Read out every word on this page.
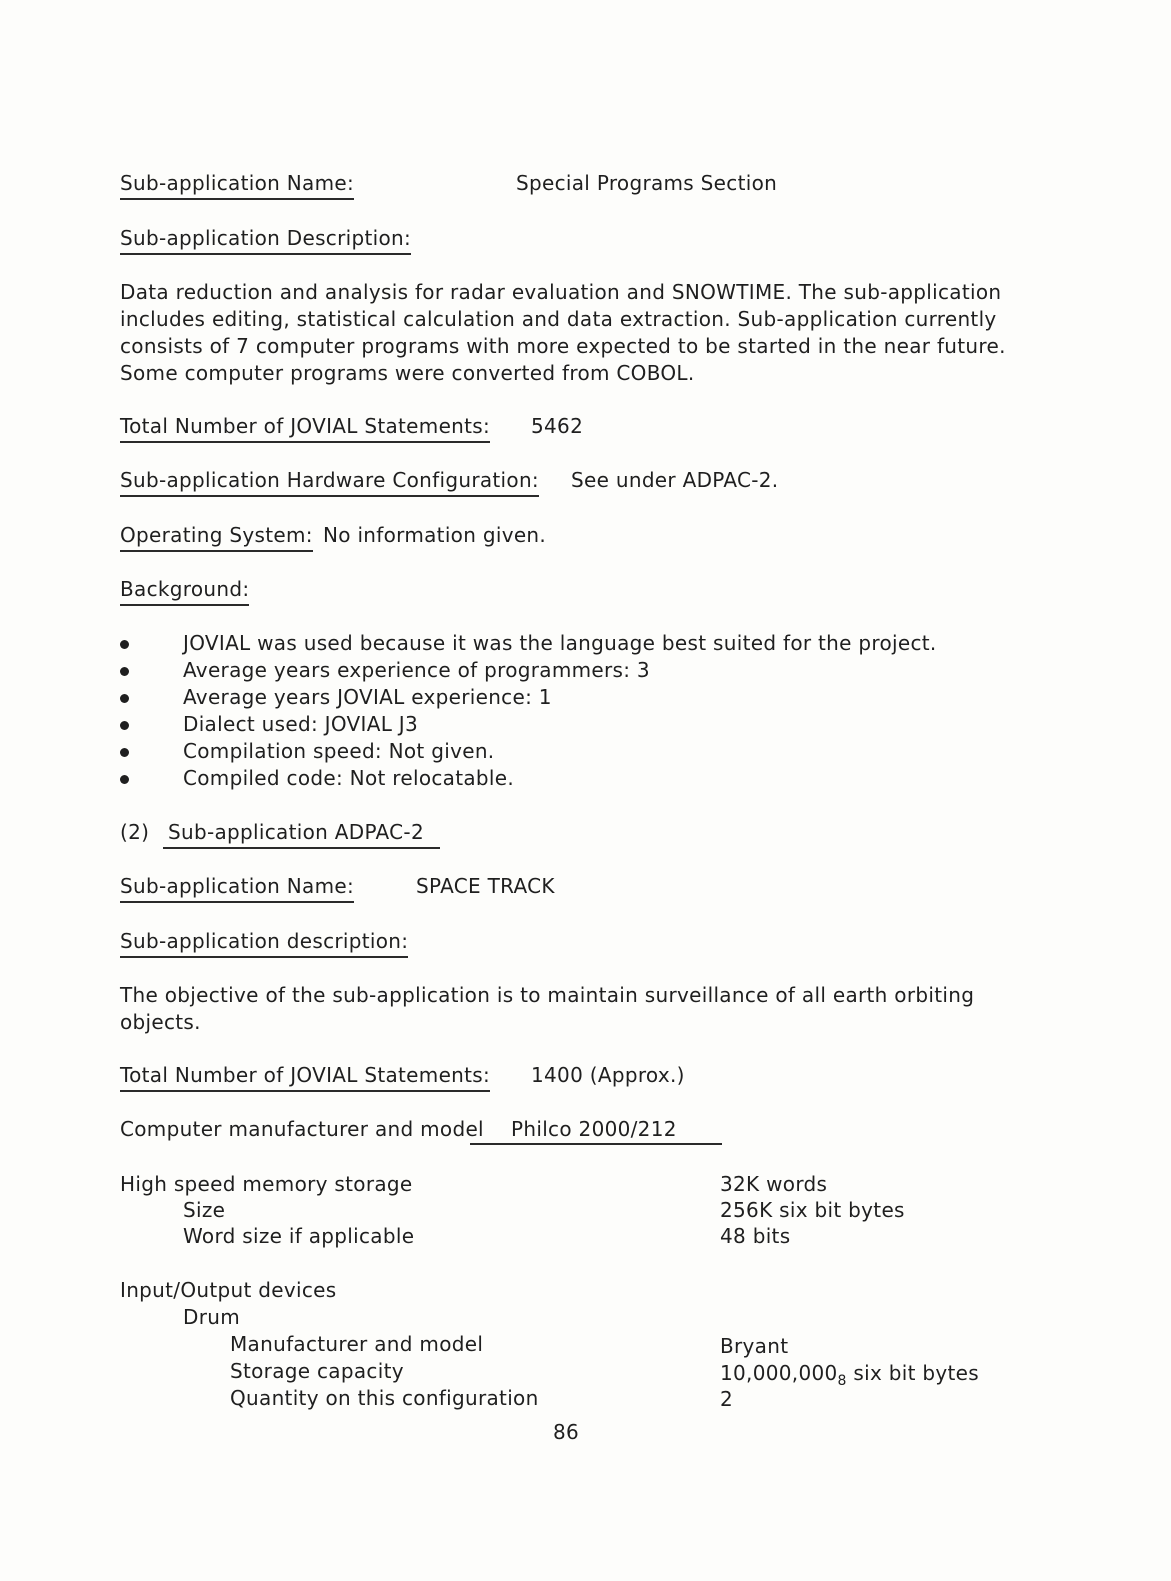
Sub-application Name:	Special Programs Section
Sub-application Description:
Data reduction and analysis for radar evaluation and SNOWTIME. The sub-application
includes editing, statistical calculation and data extraction. Sub-application currently
consists of 7 computer programs with more expected to be started in the near future.
Some computer programs were converted from COBOL.
Total Number of JOVIAL Statements: 5462
Sub-application Hardware Configuration: See under ADPAC-2.
Operating System: No information given.
Background:
JOVIAL was used because it was the language best suited for the project.
Average years experience of programmers: 3
Average years JOVIAL experience: 1
Dialect used: JOVIAL J3
Compilation speed: Not given.
Compiled code: Not relocatable.
(2) Sub-application ADPAC-2
Sub-application Name:	SPACE TRACK
Sub-application description:
The objective of the sub-application is to maintain surveillance of all earth orbiting
objects.
Total Number of JOVIAL Statements: 1400 (Approx.)
Computer manufacturer and model Philco 2000/212
High speed memory storage	32K words
Size	256K six bit bytes
Word size if applicable	48 bits
Input/Output devices
Drum
Manufacturer and model	Bryant
Storage capacity	$10,000,000_8$ six bit bytes
Quantity on this configuration	2
86
